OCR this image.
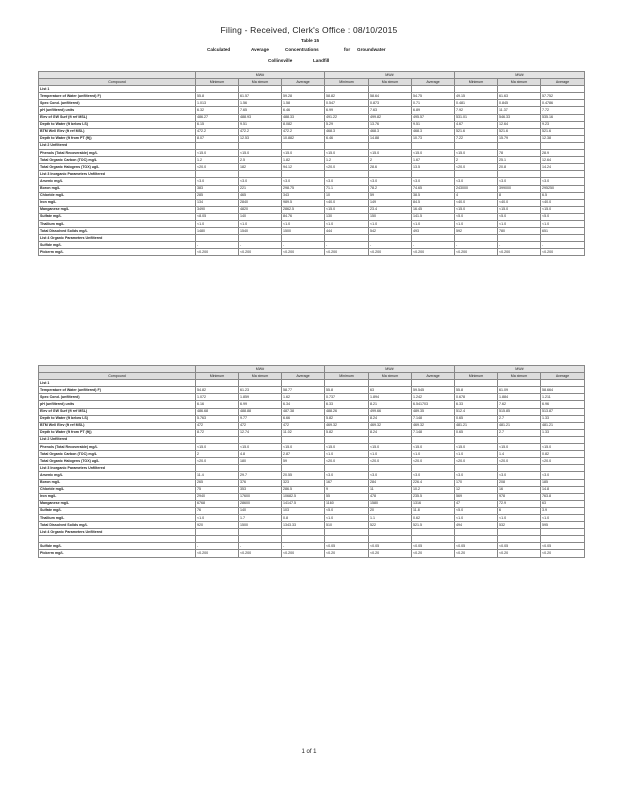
Filing - Received, Clerk's Office : 08/10/2015
Table 15
Calculated	Average	Concentrations	for Groundwater
Collinsville	Landfill
	MW#			MW#			MW#		
Compound	Minimum	Ma ximum	Average	Minimum	Ma ximum	Average	Minimum	Ma ximum	Average
List 1									
Temperature of Water (unfiltered) F)	55.8	61.57	59.28	58.82	58.64	54.75	49.15	61.63	57.752
Spec Cond. (unfiltered)	1.013	1.56	1.58	0.547	0.873	0.71	0.481	0.845	0.4786
pH (unfiltered) units	6.32	7.65	6.46	6.99	7.63	6.89	7.92	11.37	7.72
Elev of GW Surf (ft ref MSL)	486.27	488.93	488.33	491.22	499.82	495.57	531.01	546.33	535.16
Depth to Water (ft below LS)	6.15	9.51	8.082	5.29	13.76	9.51	4.67	12.64	9.23
BTM Well Elev (ft ref MSL)	472.2	472.2	472.2	468.3	468.3	468.3	521.6	521.6	521.6
Depth to Water (ft from PT (ft))	8.07	12.53	10.882	6.46	14.88	10.73	7.22	15.79	12.38
List 2 Unfiltered									
Phenols (Total Recoverable) mg/L	<15.0	<15.0	<15.0	<15.0	<15.0	<15.0	<15.0	78	28.9
Total Organic Carbon (TOC) mg/L	1.2	2.5	1.82	1.2	2	1.67	2	25.1	12.64
Total Organic Halogens (TOX) ug/L	<20.0	182	94.12	<20.0	28.6	13.5	<20.0	20.8	14.24
List 3 Inorganic Parameters Unfiltered									
Arsenic mg/L	<3.0	<3.0	<3.0	<3.0	<3.0	<3.0	<3.0	<3.0	<3.0
Boron mg/L	383	221	298.75	71.1	78.2	74.65	243000	399000	295250
Chloride mg/L	285	465	343	10	59	38.5	4	8	6.5
Iron mg/L	134	2840	989.5	<40.0	149	84.5	<40.0	<40.0	<40.0
Manganese mg/L	3490	4820	2862.5	<15.0	23.4	16.45	<15.0	<15.0	<15.0
Sulfate mg/L	<8.05	140	84.76	130	150	141.5	<5.0	<5.0	<5.0
Thallium mg/L	<1.0	<1.0	<1.0	<1.0	<1.0	<1.0	<1.0	<1.0	<1.0
Total Dissolved Solids mg/L	1480	1540	1500	444	542	493	592	780	651
List 4 Organic Parameters Unfiltered									
Sulfide mg/L	-	-	-	-	-	-	-	-	-
Pickerm mg/L	<0.200	<0.200	<0.200	<0.200	<0.200	<0.200	<0.200	<0.200	<0.200
	MW#			MW#			MW#		
Compound	Minimum	Ma ximum	Average	Minimum	Ma ximum	Average	Minimum	Ma ximum	Average
List 1									
Temperature of Water (unfiltered) F)	54.82	61.23	58.77	55.8	63	59.545	55.8	61.09	58.664
Spec Cond. (unfiltered)	1.072	1.859	1.62	0.737	1.894	1.242	0.678	1.884	1.211
pH (unfiltered) units	6.16	6.99	6.34	6.33	8.21	6.541703	6.33	7.62	6.96
Elev of GW Surf (ft ref MSL)	486.68	488.88	487.38	488.26	499.66	489.35	512.4	515.85	513.87
Depth to Water (ft below LS)	5.763	9.77	6.66	5.82	8.24	7.148	0.65	2.7	1.33
BTM Well Elev (ft ref MSL)	472	472	472	469.32	469.32	469.32	481.21	481.21	481.21
Depth to Water (ft from PT (ft))	8.72	12.74	11.02	5.82	8.24	7.148	0.65	2.7	1.33
List 2 Unfiltered									
Phenols (Total Recoverable) mg/L	<15.0	<15.0	<15.0	<15.0	<15.0	<15.0	<15.0	<15.0	<15.0
Total Organic Carbon (TOC) mg/L	2	4.8	2.87	<1.0	<1.0	<1.0	<1.0	1.4	0.82
Total Organic Halogens (TOX) ug/L	<20.0	180	59	<20.0	<20.0	<20.0	<20.0	<20.0	<20.0
List 3 Inorganic Parameters Unfiltered									
Arsenic mg/L	11.4	29.7	20.55	<3.0	<3.0	<3.0	<3.0	<3.0	<3.0
Boron mg/L	265	376	323	167	284	226.4	170	208	185
Chloride mg/L	75	353	286.5	9	11	10.2	12	16	14.8
Iron mg/L	2940	17600	10682.5	55	478	235.5	569	978	763.8
Manganese mg/L	6768	28600	14147.5	1160	1580	1316	47	72.9	63
Sulfate mg/L	76	140	103	<5.0	20	11.8	<5.0	6	3.9
Thallium mg/L	<1.0	1.7	0.8	<1.0	1.1	0.62	<1.0	<1.0	<1.0
Total Dissolved Solids mg/L	920	1500	1343.33	510	522	521.5	494	532	595
List 4 Organic Parameters Unfiltered									

Sulfide mg/L	-	-	-	<0.05	<0.05	<0.05	<0.05	<0.05	<0.05
Pickerm mg/L	<0.200	<0.200	<0.200	<0.20	<0.20	<0.20	<0.20	<0.20	<0.20
1 of 1
